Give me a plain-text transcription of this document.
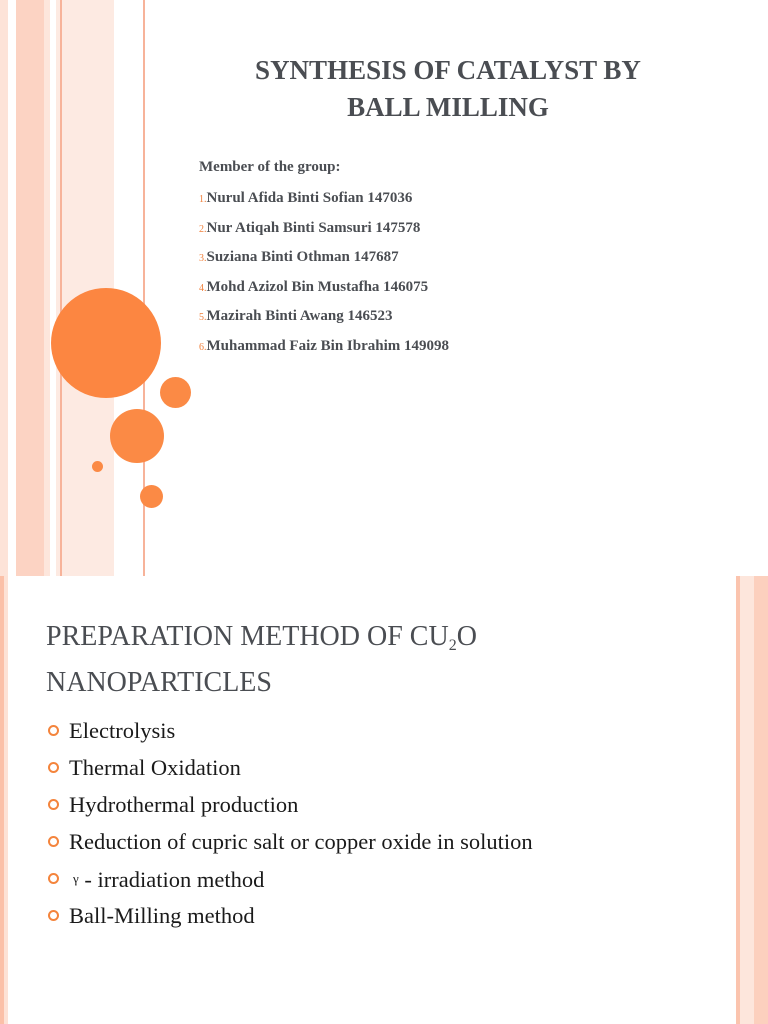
SYNTHESIS OF CATALYST BY
BALL MILLING
Member of the group:
1.Nurul Afida Binti Sofian 147036
2.Nur Atiqah Binti Samsuri 147578
3.Suziana Binti Othman 147687
4.Mohd Azizol Bin Mustafha 146075
5.Mazirah Binti Awang 146523
6.Muhammad Faiz Bin Ibrahim 149098
PREPARATION METHOD OF $CU_2O$
NANOPARTICLES
Electrolysis
Thermal Oxidation
Hydrothermal production
Reduction of cupric salt or copper oxide in solution
γ - irradiation method
Ball-Milling method
